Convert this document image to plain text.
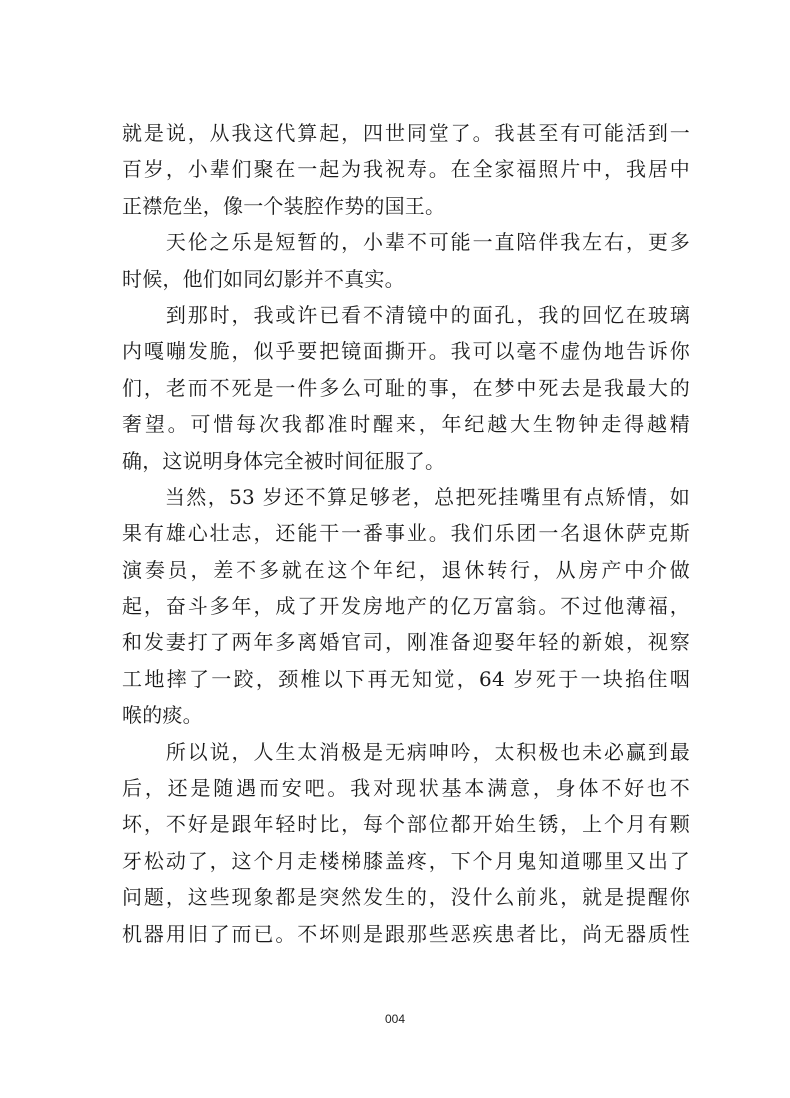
就是说，从我这代算起，四世同堂了。我甚至有可能活到一
百岁，小辈们聚在一起为我祝寿。在全家福照片中，我居中
正襟危坐，像一个装腔作势的国王。
　　天伦之乐是短暂的，小辈不可能一直陪伴我左右，更多
时候，他们如同幻影并不真实。
　　到那时，我或许已看不清镜中的面孔，我的回忆在玻璃
内嘎嘣发脆，似乎要把镜面撕开。我可以毫不虚伪地告诉你
们，老而不死是一件多么可耻的事，在梦中死去是我最大的
奢望。可惜每次我都准时醒来，年纪越大生物钟走得越精
确，这说明身体完全被时间征服了。
　　当然，53 岁还不算足够老，总把死挂嘴里有点矫情，如
果有雄心壮志，还能干一番事业。我们乐团一名退休萨克斯
演奏员，差不多就在这个年纪，退休转行，从房产中介做
起，奋斗多年，成了开发房地产的亿万富翁。不过他薄福，
和发妻打了两年多离婚官司，刚准备迎娶年轻的新娘，视察
工地摔了一跤，颈椎以下再无知觉，64 岁死于一块掐住咽
喉的痰。
　　所以说，人生太消极是无病呻吟，太积极也未必赢到最
后，还是随遇而安吧。我对现状基本满意，身体不好也不
坏，不好是跟年轻时比，每个部位都开始生锈，上个月有颗
牙松动了，这个月走楼梯膝盖疼，下个月鬼知道哪里又出了
问题，这些现象都是突然发生的，没什么前兆，就是提醒你
机器用旧了而已。不坏则是跟那些恶疾患者比，尚无器质性
004
